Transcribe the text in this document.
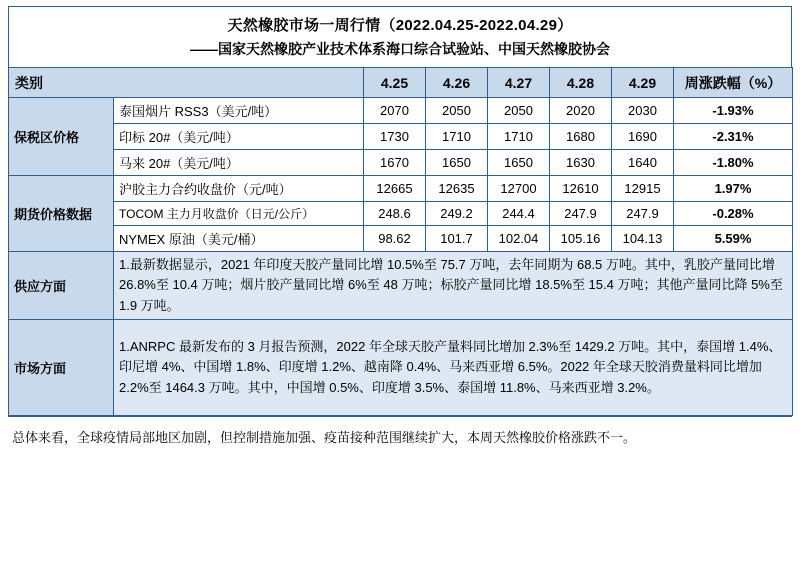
天然橡胶市场一周行情（2022.04.25-2022.04.29）
——国家天然橡胶产业技术体系海口综合试验站、中国天然橡胶协会
类别		4.25	4.26	4.27	4.28	4.29	周涨跌幅（%）
保税区价格	泰国烟片 RSS3（美元/吨）	2070	2050	2050	2020	2030	-1.93%
	印标 20#（美元/吨）	1730	1710	1710	1680	1690	-2.31%
	马来 20#（美元/吨）	1670	1650	1650	1630	1640	-1.80%
期货价格数据	沪胶主力合约收盘价（元/吨）	12665	12635	12700	12610	12915	1.97%
	TOCOM 主力月收盘价（日元/公斤）	248.6	249.2	244.4	247.9	247.9	-0.28%
	NYMEX 原油（美元/桶）	98.62	101.7	102.04	105.16	104.13	5.59%
供应方面	1.最新数据显示，2021 年印度天胶产量同比增 10.5%至 75.7 万吨，去年同期为 68.5 万吨。其中，乳胶产量同比增 26.8%至 10.4 万吨；烟片胶产量同比增 6%至 48 万吨；标胶产量同比增 18.5%至 15.4 万吨；其他产量同比降 5%至 1.9 万吨。						
市场方面	1.ANRPC 最新发布的 3 月报告预测，2022 年全球天胶产量料同比增加 2.3%至 1429.2 万吨。其中，泰国增 1.4%、印尼增 4%、中国增 1.8%、印度增 1.2%、越南降 0.4%、马来西亚增 6.5%。2022 年全球天胶消费量料同比增加 2.2%至 1464.3 万吨。其中，中国增 0.5%、印度增 3.5%、泰国增 11.8%、马来西亚增 3.2%。						
总体来看，全球疫情局部地区加剧，但控制措施加强、疫苗接种范围继续扩大，本周天然橡胶价格涨跌不一。
